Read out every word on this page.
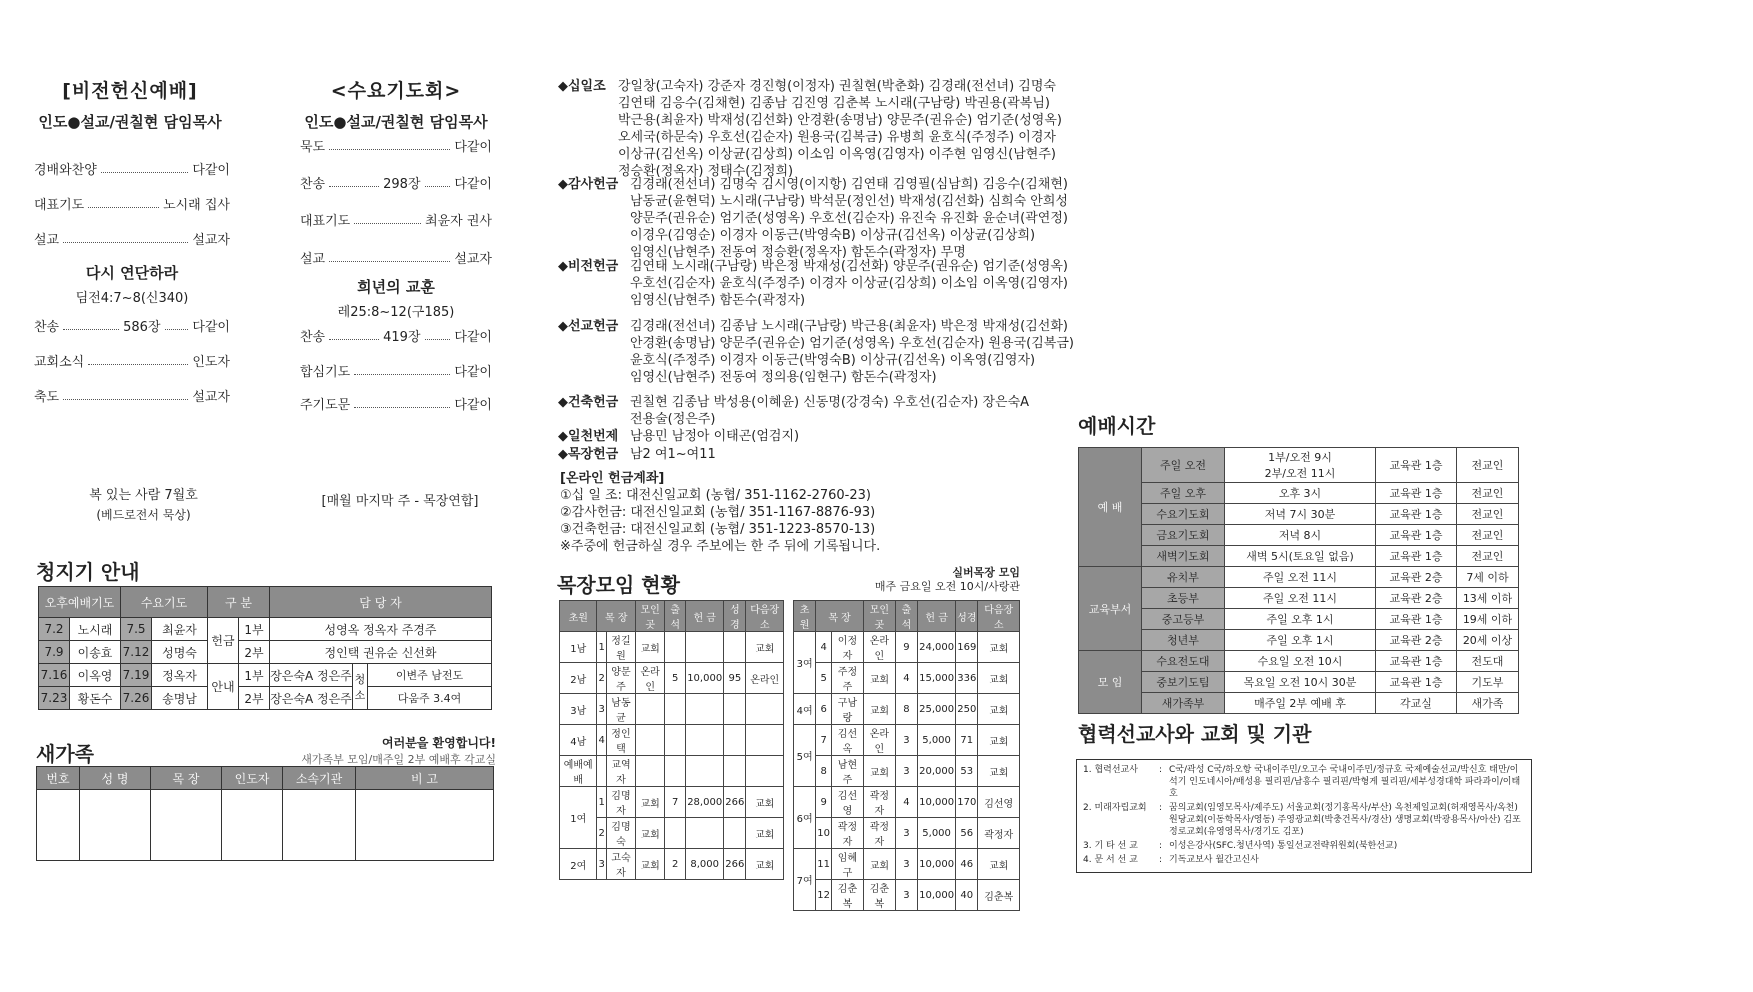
[비전헌신예배]
인도●설교/권칠현 담임목사
경배와찬양	다같이
대표기도	노시래 집사
설교	설교자
다시 연단하라
딤전4:7~8(신340)
찬송	586장 다같이
교회소식	인도자
축도	설교자
복 있는 사람 7월호
(베드로전서 묵상)
<수요기도회>
인도●설교/권칠현 담임목사
묵도	다같이
찬송	298장	다같이
대표기도	최윤자 권사
설교	설교자
희년의 교훈
레25:8~12(구185)
찬송	419장	다같이
합심기도	다같이
주기도문	다같이
[매월 마지막 주 - 목장연합]
청지기 안내
오후예배기도		수요기도		구 분		담 당 자		
7.2	노시래	7.5	최윤자	헌금	1부	성영옥 정옥자 주경주		
7.9	이송효	7.12	성명숙		2부	정인택 권유순 신선화		
7.16	이옥영	7.19	정옥자	안내	1부	장은숙A 정은주	청소	이변주 남전도
7.23	황돈수	7.26	송명남		2부	장은숙A 정은주		다움주 3.4여
새가족	여러분을 환영합니다!
새가족부 모임/매주일 2부 예배후 각교실
번호	성 명	목 장	인도자	소속기관	비 고

◆십일조 강일창(고숙자) 강준자 경진형(이정자) 권칠현(박춘화) 김경래(전선녀) 김명숙
김연태 김응수(김채현) 김종남 김진영 김춘복 노시래(구남랑) 박권용(곽복님)
박근용(최윤자) 박재성(김선화) 안경환(송명남) 양문주(권유순) 엄기준(성영옥)
오세국(하문숙) 우호선(김순자) 원용국(김복금) 유병희 윤호식(주정주) 이경자
이상규(김선옥) 이상균(김상희) 이소임 이옥영(김영자) 이주현 임영신(남현주)
정승환(정옥자) 정태수(김정희)
◆감사헌금 김경래(전선녀) 김명숙 김시영(이지항) 김연태 김영필(심남희) 김응수(김채현)
남동균(윤현덕) 노시래(구남랑) 박석문(정인선) 박재성(김선화) 심희숙 안희성
양문주(권유순) 엄기준(성영옥) 우호선(김순자) 유진숙 유진화 윤순녀(곽연정)
이경우(김영순) 이경자 이동근(박영숙B) 이상규(김선옥) 이상균(김상희)
임영신(남현주) 전동여 정승환(정옥자) 함돈수(곽정자) 무명
◆비전헌금 김연태 노시래(구남랑) 박은정 박재성(김선화) 양문주(권유순) 엄기준(성영옥)
우호선(김순자) 윤호식(주정주) 이경자 이상균(김상희) 이소임 이옥영(김영자)
임영신(남현주) 함돈수(곽정자)
◆선교헌금 김경래(전선녀) 김종남 노시래(구남랑) 박근용(최윤자) 박은정 박재성(김선화)
안경환(송명남) 양문주(권유순) 엄기준(성영옥) 우호선(김순자) 원용국(김복금)
윤호식(주정주) 이경자 이동근(박영숙B) 이상규(김선옥) 이옥영(김영자)
임영신(남현주) 전동여 정의용(임현구) 함돈수(곽정자)
◆건축헌금 권칠현 김종남 박성용(이혜윤) 신동명(강경숙) 우호선(김순자) 장은숙A
전용술(정은주)
◆일천번제 남용민 남정아 이태곤(엄검지)
◆목장헌금 남2 여1~여11
[온라인 헌금계좌]
①십 일 조: 대전신일교회 (농협/ 351-1162-2760-23)
②감사헌금: 대전신일교회 (농협/ 351-1167-8876-93)
③건축헌금: 대전신일교회 (농협/ 351-1223-8570-13)
※주중에 헌금하실 경우 주보에는 한 주 뒤에 기록됩니다.
목장모임 현황
실버목장 모임
매주 금요일 오전 10시/사랑관
초원	목 장		모인곳	출석	헌 금	성경	다음장소
1남	1	정길원	교회				교회
2남	2	양문주	온라인	5	10,000	95	온라인
3남	3	남동균					
4남	4	정인택					
예배예배		교역자					
1여	1	김명자	교회	7	28,000	266	교회
	2	김명숙	교회				교회
2여	3	고숙자	교회	2	8,000	266	교회
초원	목 장		모인곳	출석	헌 금	성경	다음장소
3여	4	이정자	온라인	9	24,000	169	교회
	5	주정주	교회	4	15,000	336	교회
4여	6	구남랑	교회	8	25,000	250	교회
5여	7	김선옥	온라인	3	5,000	71	교회
	8	남현주	교회	3	20,000	53	교회
6여	9	김선영	곽정자	4	10,000	170	김선영
	10	곽정자	곽정자	3	5,000	56	곽정자
7여	11	임혜구	교회	3	10,000	46	교회
	12	김춘복	김춘복	3	10,000	40	김춘복
예배시간
예 배	주일 오전	1부/오전 9시
2부/오전 11시	교육관 1층	전교인
	주일 오후	오후 3시	교육관 1층	전교인
	수요기도회	저녁 7시 30분	교육관 1층	전교인
	금요기도회	저녁 8시	교육관 1층	전교인
	새벽기도회	새벽 5시(토요일 없음)	교육관 1층	전교인
교육부서	유치부	주일 오전 11시	교육관 2층	7세 이하
	초등부	주일 오전 11시	교육관 2층	13세 이하
	중고등부	주일 오후 1시	교육관 1층	19세 이하
	청년부	주일 오후 1시	교육관 2층	20세 이상
모 임	수요전도대	수요일 오전 10시	교육관 1층	전도대
	중보기도팀	목요일 오전 10시 30분	교육관 1층	기도부
	새가족부	매주일 2부 예배 후	각교실	새가족
협력선교사와 교회 및 기관
1. 협력선교사	: C국/곽성 C국/하오항 국내이주민/오고수 국내이주민/정규호 국제예술선교/박신호 태만/이석기 인도네시아/배성용 필리핀/남흥수 필리핀/박형게 필리핀/세부성경대학 파라과이/이태호
2. 미래자립교회	: 꿈의교회(임영모목사/제주도) 서울교회(정기홍목사/부산) 옥천제일교회(허재영목사/옥천) 원당교회(이동학목사/영동) 주영광교회(박충건목사/경산) 생명교회(박광용목사/아산) 김포정로교회(유영영목사/경기도 김포)
3. 기 타 선 교	: 이성은강사(SFC.청년사역) 통일선교전략위원회(북한선교)
4. 문 서 선 교	: 기독교보사 월간고신사
